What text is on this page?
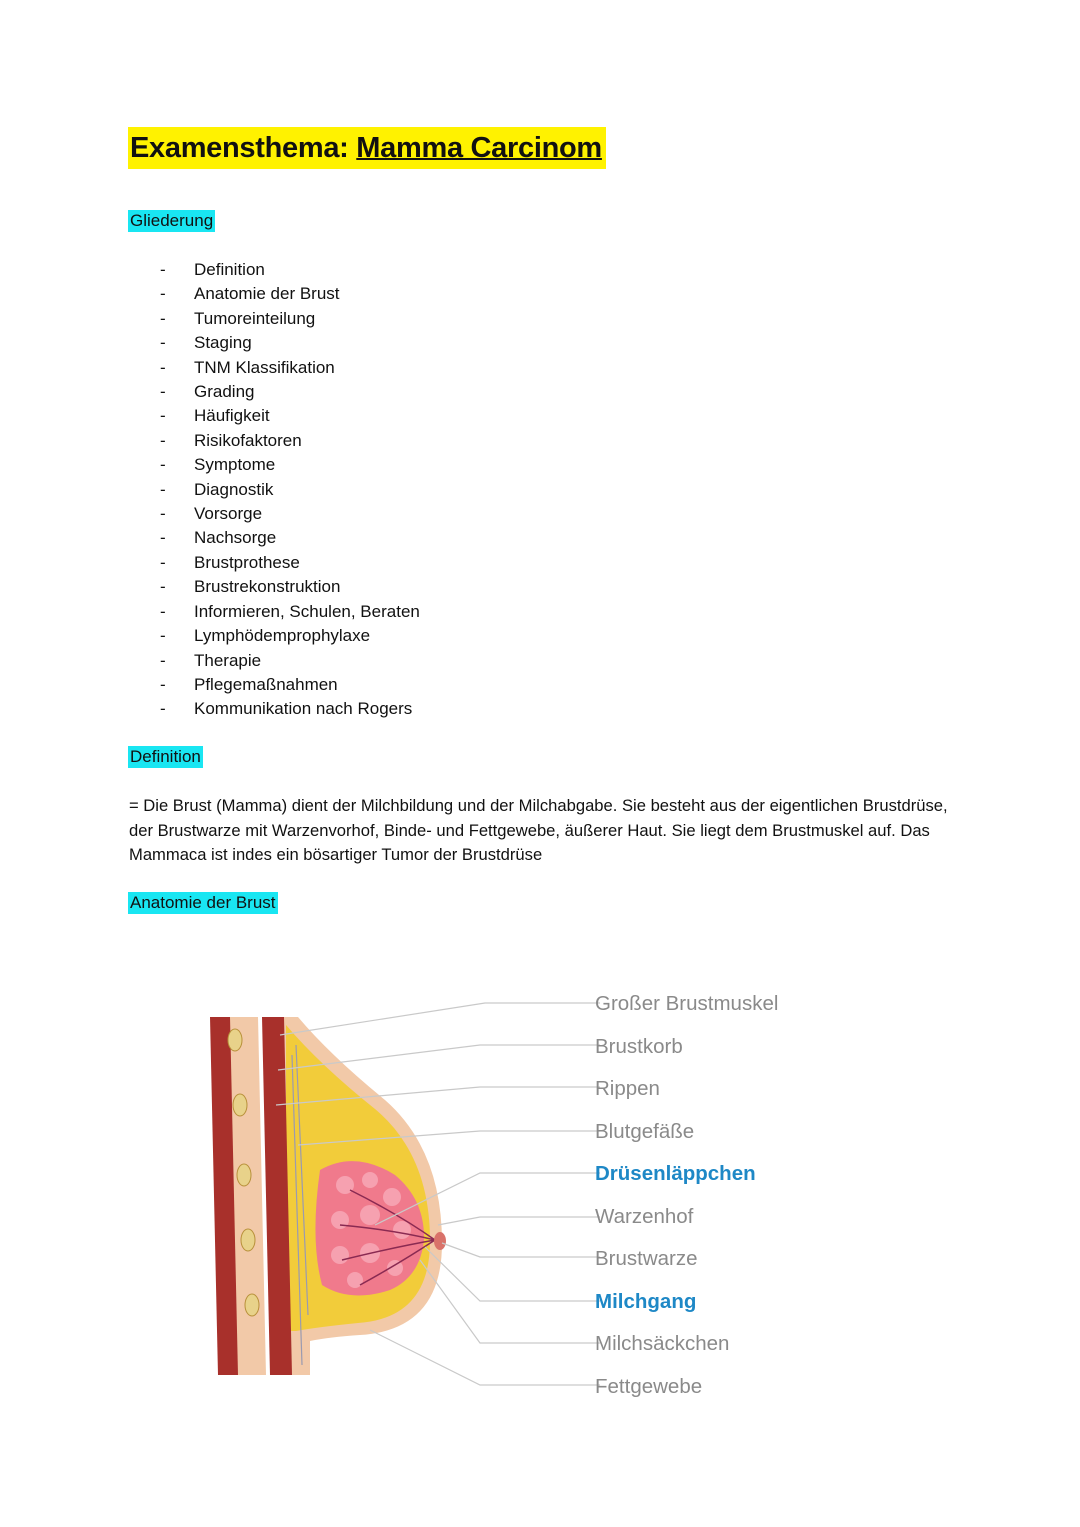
Examensthema: Mamma Carcinom
Gliederung
- Definition
- Anatomie der Brust
- Tumoreinteilung
- Staging
- TNM Klassifikation
- Grading
- Häufigkeit
- Risikofaktoren
- Symptome
- Diagnostik
- Vorsorge
- Nachsorge
- Brustprothese
- Brustrekonstruktion
- Informieren, Schulen, Beraten
- Lymphödemprophylaxe
- Therapie
- Pflegemaßnahmen
- Kommunikation nach Rogers
Definition

= Die Brust (Mamma) dient der Milchbildung und der Milchabgabe. Sie besteht aus der eigentlichen Brustdrüse, der Brustwarze mit Warzenvorhof, Binde- und Fettgewebe, äußerer Haut. Sie liegt dem Brustmuskel auf. Das Mammaca ist indes ein bösartiger Tumor der Brustdrüse

Anatomie der Brust
Großer Brustmuskel
Brustkorb
Rippen
Blutgefäße
Drüsenläppchen
Warzenhof
Brustwarze
Milchgang
Milchsäckchen
Fettgewebe
